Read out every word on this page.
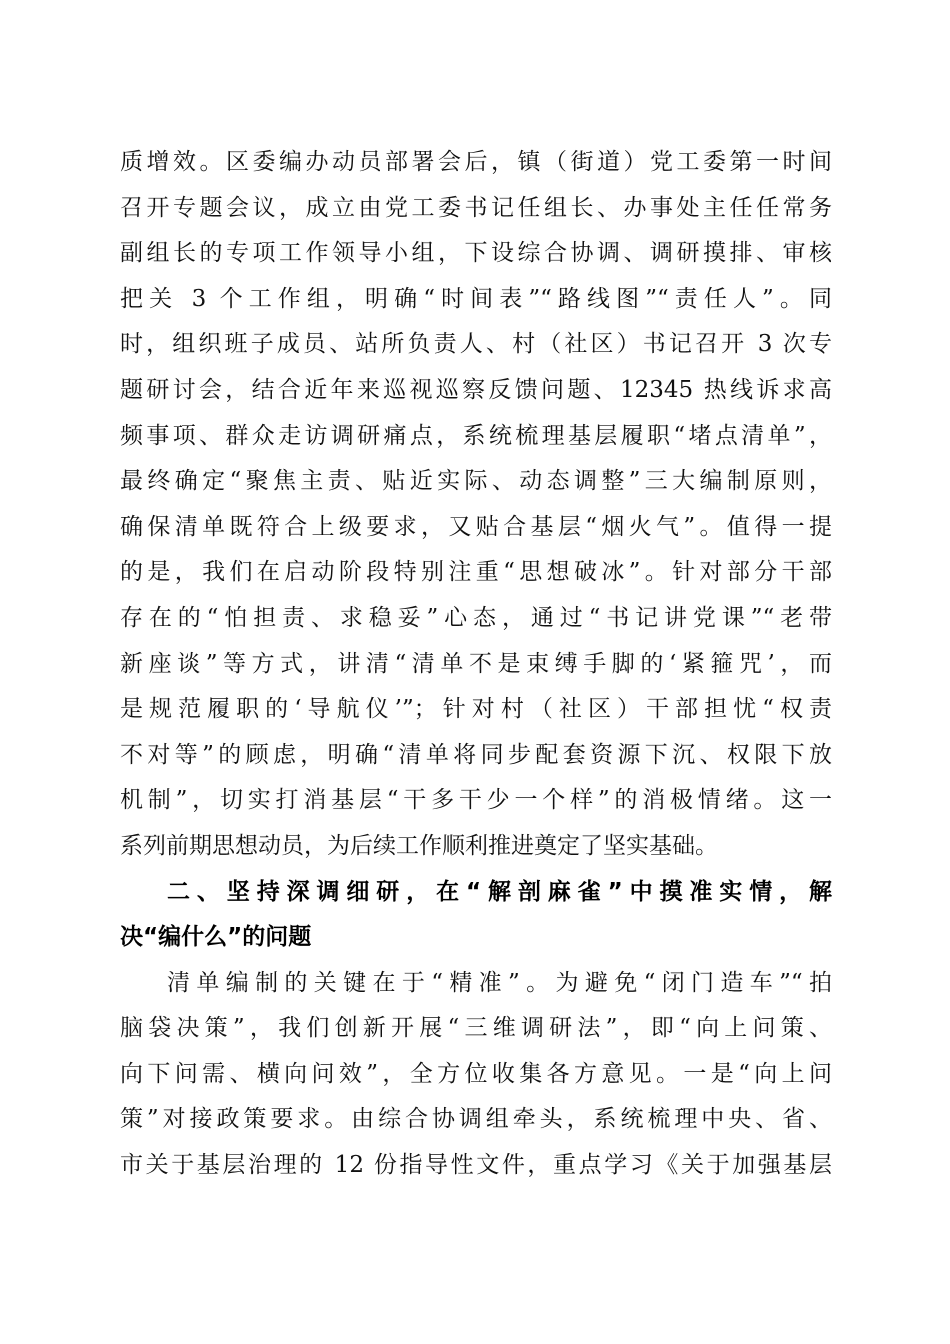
质增效。区委编办动员部署会后，镇（街道）党工委第一时间
召开专题会议，成立由党工委书记任组长、办事处主任任常务
副组长的专项工作领导小组，下设综合协调、调研摸排、审核
把关 3 个工作组，明确“时间表”“路线图”“责任人”。同
时，组织班子成员、站所负责人、村（社区）书记召开 3 次专
题研讨会，结合近年来巡视巡察反馈问题、12345 热线诉求高
频事项、群众走访调研痛点，系统梳理基层履职“堵点清单”，
最终确定“聚焦主责、贴近实际、动态调整”三大编制原则，
确保清单既符合上级要求，又贴合基层“烟火气”。值得一提
的是，我们在启动阶段特别注重“思想破冰”。针对部分干部
存在的“怕担责、求稳妥”心态，通过“书记讲党课”“老带
新座谈”等方式，讲清“清单不是束缚手脚的‘紧箍咒’，而
是规范履职的‘导航仪’”；针对村（社区）干部担忧“权责
不对等”的顾虑，明确“清单将同步配套资源下沉、权限下放
机制”，切实打消基层“干多干少一个样”的消极情绪。这一
系列前期思想动员，为后续工作顺利推进奠定了坚实基础。
二、坚持深调细研，在“解剖麻雀”中摸准实情，解
决“编什么”的问题
清单编制的关键在于“精准”。为避免“闭门造车”“拍
脑袋决策”，我们创新开展“三维调研法”，即“向上问策、
向下问需、横向问效”，全方位收集各方意见。一是“向上问
策”对接政策要求。由综合协调组牵头，系统梳理中央、省、
市关于基层治理的 12 份指导性文件，重点学习《关于加强基层
